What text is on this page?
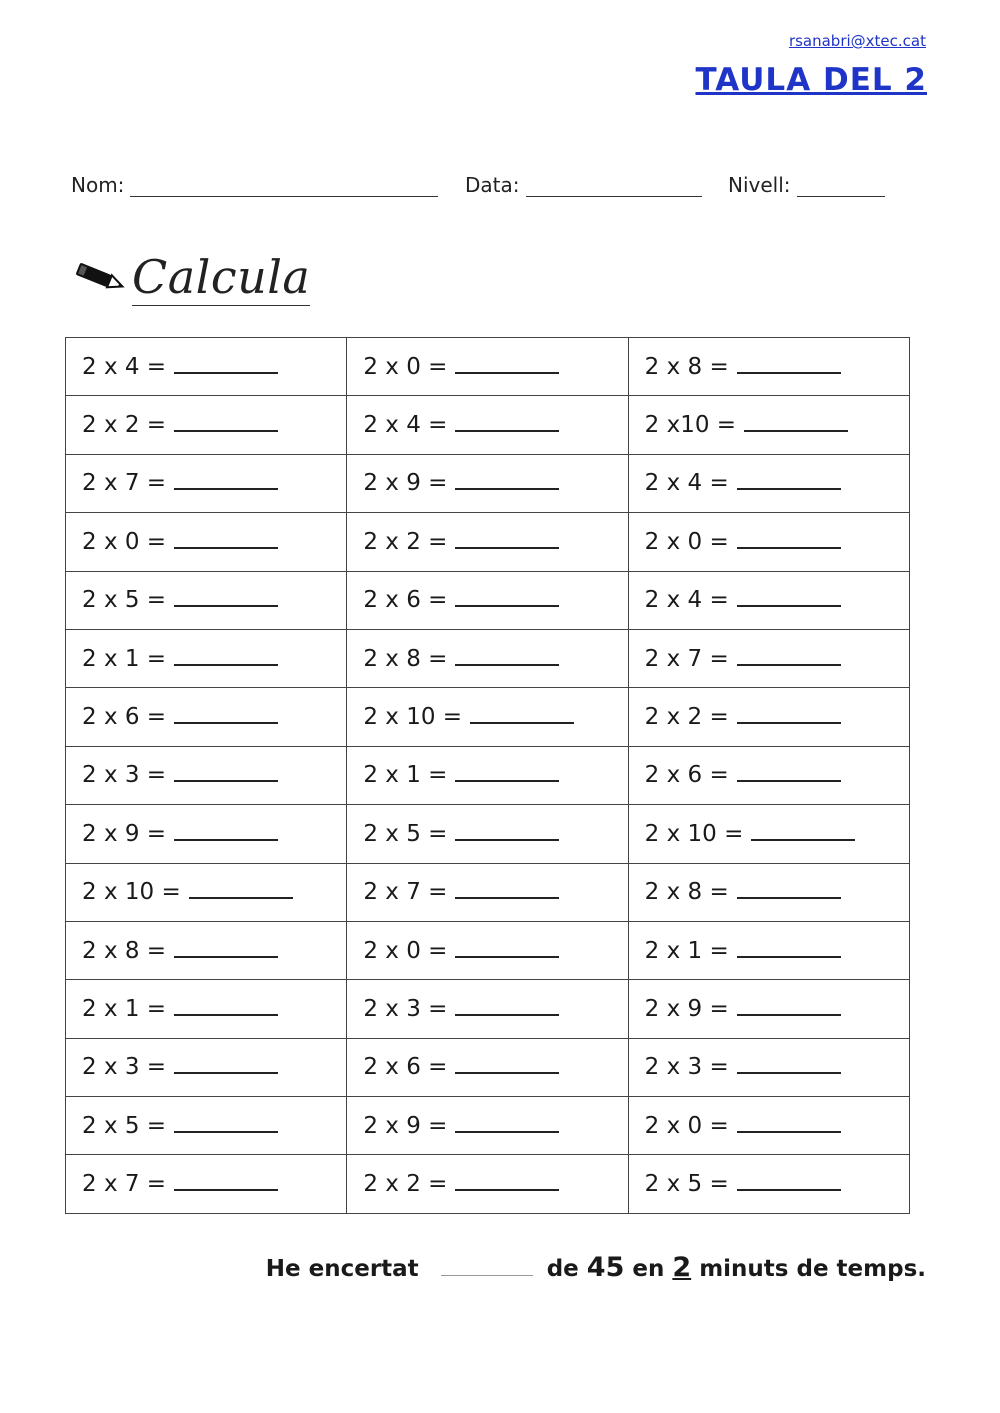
rsanabri@xtec.cat
TAULA DEL 2
Nom:	Data:	Nivell:
Calcula
2 x 4 =	2 x 0 =	2 x 8 =
2 x 2 =	2 x 4 =	2 x10 =
2 x 7 =	2 x 9 =	2 x 4 =
2 x 0 =	2 x 2 =	2 x 0 =
2 x 5 =	2 x 6 =	2 x 4 =
2 x 1 =	2 x 8 =	2 x 7 =
2 x 6 =	2 x 10 =	2 x 2 =
2 x 3 =	2 x 1 =	2 x 6 =
2 x 9 =	2 x 5 =	2 x 10 =
2 x 10 =	2 x 7 =	2 x 8 =
2 x 8 =	2 x 0 =	2 x 1 =
2 x 1 =	2 x 3 =	2 x 9 =
2 x 3 =	2 x 6 =	2 x 3 =
2 x 5 =	2 x 9 =	2 x 0 =
2 x 7 =	2 x 2 =	2 x 5 =
He encertat	de 45 en 2 minuts de temps.
